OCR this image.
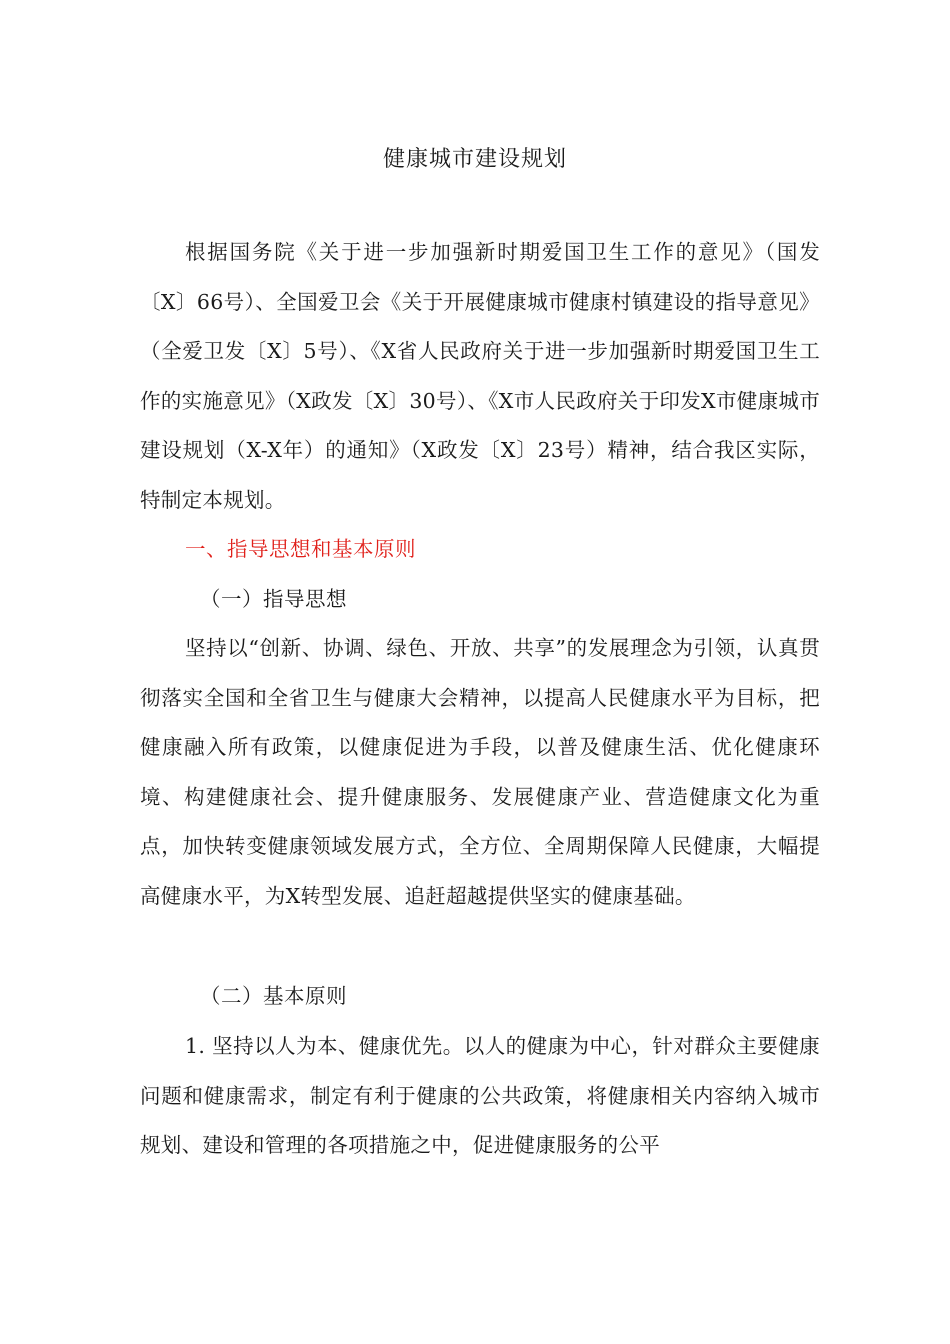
健康城市建设规划

根据国务院《关于进一步加强新时期爱国卫生工作的意见》（国发〔X〕66号）、全国爱卫会《关于开展健康城市健康村镇建设的指导意见》（全爱卫发〔X〕5号）、《X省人民政府关于进一步加强新时期爱国卫生工作的实施意见》（X政发〔X〕30号）、《X市人民政府关于印发X市健康城市建设规划（X-X年）的通知》（X政发〔X〕23号）精神，结合我区实际，特制定本规划。

一、指导思想和基本原则
（一）指导思想

坚持以“创新、协调、绿色、开放、共享”的发展理念为引领，认真贯彻落实全国和全省卫生与健康大会精神，以提高人民健康水平为目标，把健康融入所有政策，以健康促进为手段，以普及健康生活、优化健康环境、构建健康社会、提升健康服务、发展健康产业、营造健康文化为重点，加快转变健康领域发展方式，全方位、全周期保障人民健康，大幅提高健康水平，为X转型发展、追赶超越提供坚实的健康基础。

（二）基本原则

1. 坚持以人为本、健康优先。以人的健康为中心，针对群众主要健康问题和健康需求，制定有利于健康的公共政策，将健康相关内容纳入城市规划、建设和管理的各项措施之中，促进健康服务的公平
